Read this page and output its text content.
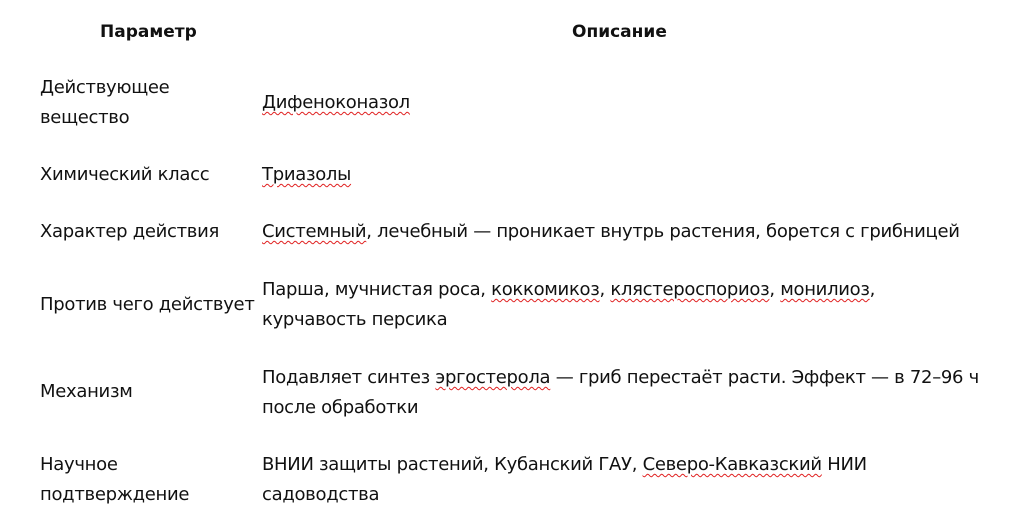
Параметр	Описание
Действующее
вещество
Дифеноконазол
Химический класс	Триазолы
Характер действия Системный, лечебный — проникает внутрь растения, борется с грибницей
Против чего действует
Парша, мучнистая роса, коккомикоз, клястероспориоз, монилиоз,
курчавость персика
Механизм
Подавляет синтез эргостерола — гриб перестаёт расти. Эффект — в 72–96 ч
после обработки
Научное
подтверждение
ВНИИ защиты растений, Кубанский ГАУ, Северо-Кавказский НИИ
садоводства
